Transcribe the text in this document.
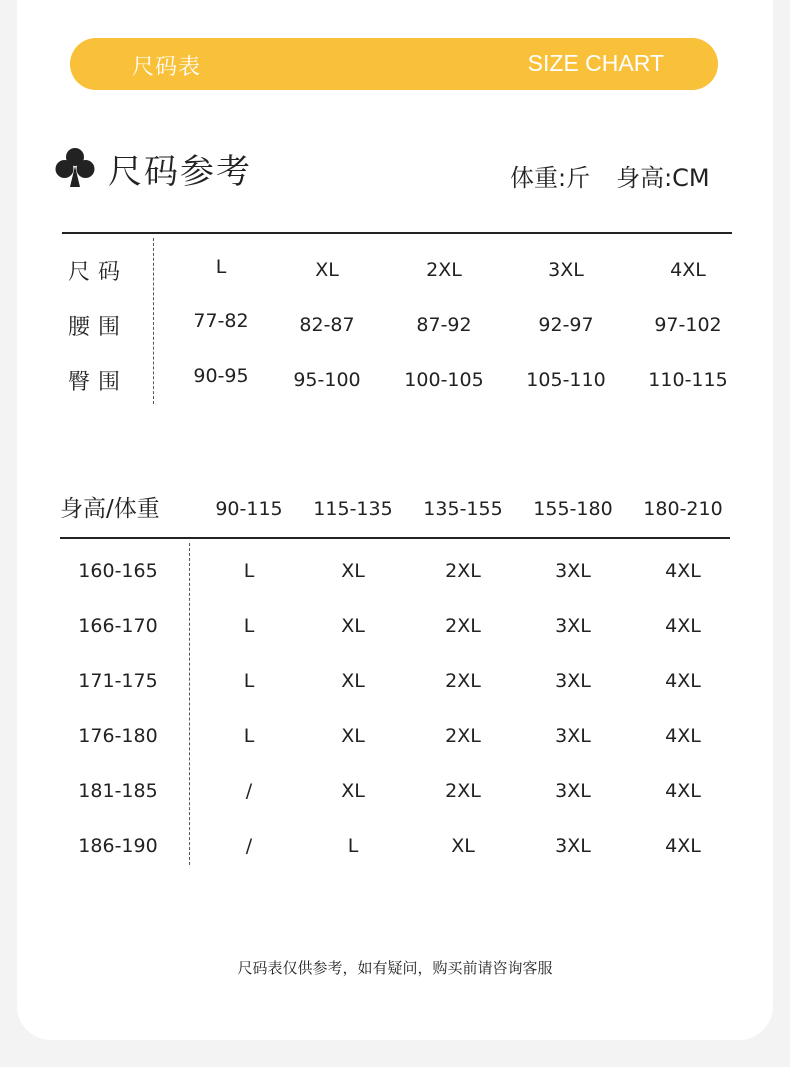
尺码表	SIZE CHART
尺码参考	体重:斤 身高:CM
尺码	L	XL	2XL	3XL	4XL
腰围	77-82	82-87	87-92	92-97	97-102
臀围	90-95 95-100 100-105 105-110 110-115
身高/体重	90-115 115-135 135-155 155-180 180-210
160-165	L	XL	2XL	3XL	4XL
166-170	L	XL	2XL	3XL	4XL
171-175	L	XL	2XL	3XL	4XL
176-180	L	XL	2XL	3XL	4XL
181-185	/	XL	2XL	3XL	4XL
186-190	/	L	XL	3XL	4XL
尺码表仅供参考，如有疑问，购买前请咨询客服
